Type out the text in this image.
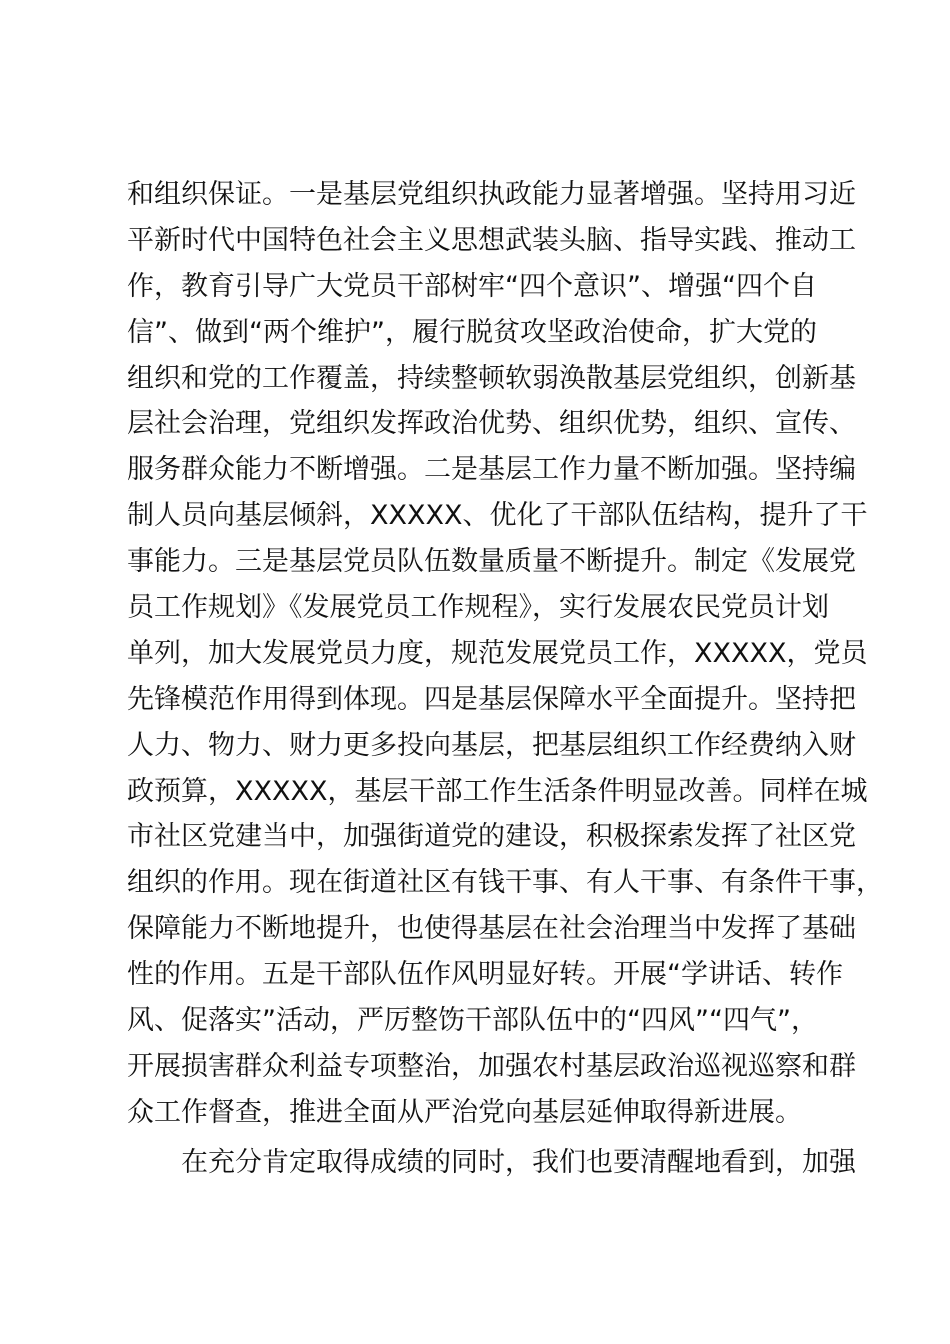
和组织保证。一是基层党组织执政能力显著增强。坚持用习近
平新时代中国特色社会主义思想武装头脑、指导实践、推动工
作，教育引导广大党员干部树牢“四个意识”、增强“四个自
信”、做到“两个维护”，履行脱贫攻坚政治使命，扩大党的
组织和党的工作覆盖，持续整顿软弱涣散基层党组织，创新基
层社会治理，党组织发挥政治优势、组织优势，组织、宣传、
服务群众能力不断增强。二是基层工作力量不断加强。坚持编
制人员向基层倾斜，XXXXX、优化了干部队伍结构，提升了干
事能力。三是基层党员队伍数量质量不断提升。制定《发展党
员工作规划》《发展党员工作规程》，实行发展农民党员计划
单列，加大发展党员力度，规范发展党员工作，XXXXX，党员
先锋模范作用得到体现。四是基层保障水平全面提升。坚持把
人力、物力、财力更多投向基层，把基层组织工作经费纳入财
政预算，XXXXX，基层干部工作生活条件明显改善。同样在城
市社区党建当中，加强街道党的建设，积极探索发挥了社区党
组织的作用。现在街道社区有钱干事、有人干事、有条件干事，
保障能力不断地提升，也使得基层在社会治理当中发挥了基础
性的作用。五是干部队伍作风明显好转。开展“学讲话、转作
风、促落实”活动，严厉整饬干部队伍中的“四风”“四气”，
开展损害群众利益专项整治，加强农村基层政治巡视巡察和群
众工作督查，推进全面从严治党向基层延伸取得新进展。
在充分肯定取得成绩的同时，我们也要清醒地看到，加强
